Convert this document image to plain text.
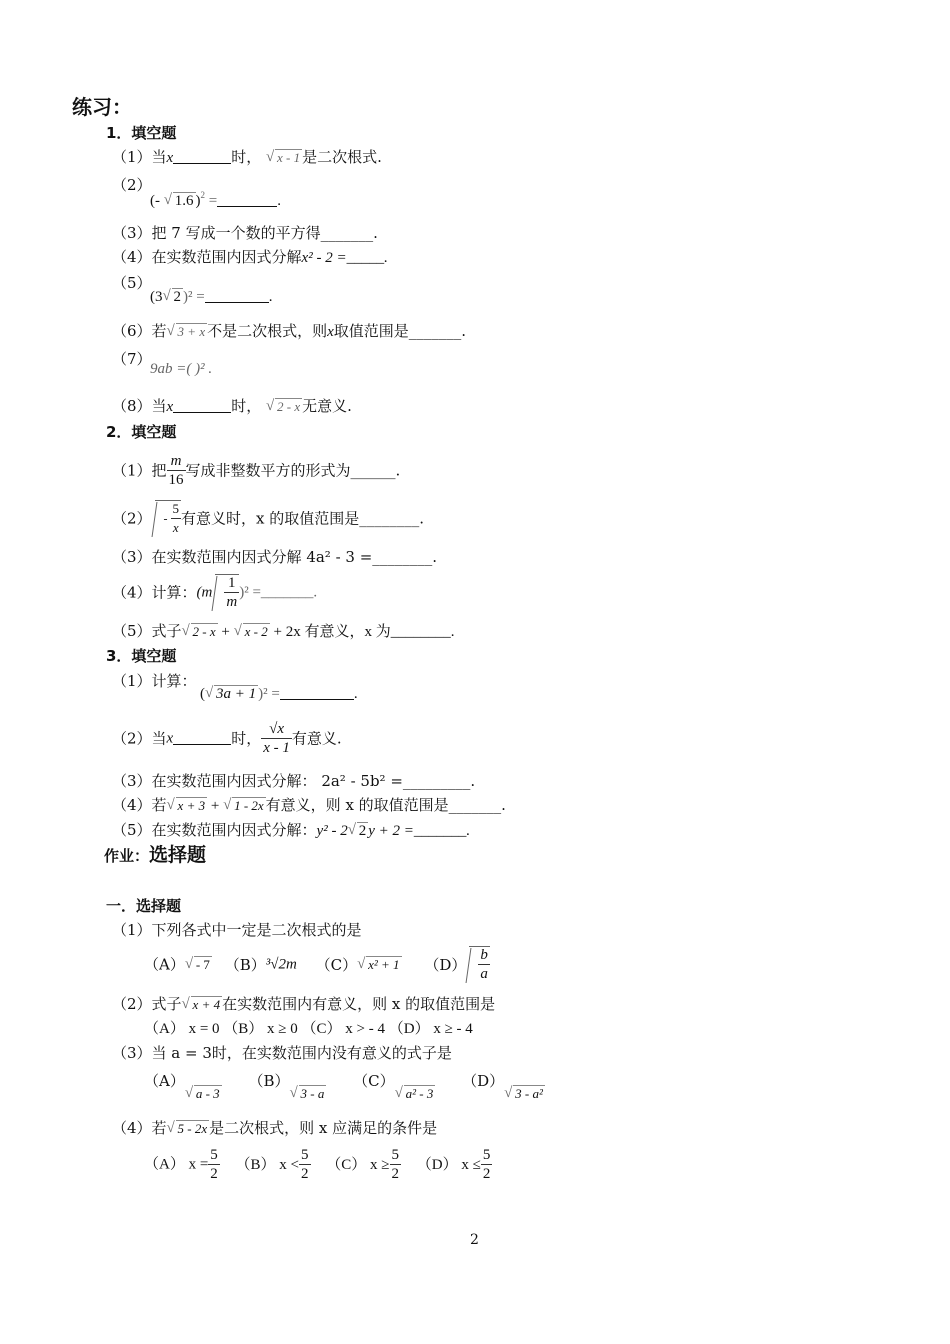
练习：
1．填空题
（1）当x	时， √ x - 1 是二次根式.
（2）
(- √ 1.6 )$^2$ =	.
（3）把 7 写成一个数的平方得_______.
（4）在实数范围内因式分解x² - 2 =_____.
（5）
(3 √ 2 )² =	.
（6）若 √ 3 + x 不是二次根式，则x取值范围是_______.
（7）
9ab =( )² .
（8）当x	时， √ 2 - x 无意义.
2．填空题
（1）把 $\frac{m}{16}$ 写成非整数平方的形式为______.
$(2) - \frac{5}{x}$ 有意义时，x 的取值范围是________.
（3）在实数范围内因式分解 4a² - 3 =________.
（4）计算：$(m \frac{1}{m} )^2$ =_______.
（5）式子 √ 2 - x + √ x - 2 + 2x 有意义，x 为________.
3．填空题
（1）计算：
( √ 3a + 1 )² =	.
（2）当x	时， $\frac{√x}{x - 1}$ 有意义.
（3）在实数范围内因式分解： 2a² - 5b² =_________.
（4）若 √ x + 3 + √ 1 - 2x 有意义，则 x 的取值范围是_______.
（5）在实数范围内因式分解：y² - 2 √ 2 y + 2 =_______.
作业：选择题
一．选择题
（1）下列各式中一定是二次根式的是
（A） √ - 7 （B）³√2m （C） √ x² + 1 $(D) \frac{b}{a}$
（2）式子 √ x + 4 在实数范围内有意义，则 x 的取值范围是
（A） x = 0 （B） x ≥ 0 （C） x > - 4 （D） x ≥ - 4
（3）当 a = 3时，在实数范围内没有意义的式子是
（A）√ a - 3 （B）√ 3 - a （C）√ a² - 3 （D）√ 3 - a²
（4）若 √ 5 - 2x 是二次根式，则 x 应满足的条件是
（A） $x = \frac{5}{2} (B) x < \frac{5}{2} (C) x \ge \frac{5}{2} (D) x \le \frac{5}{2}$
2
